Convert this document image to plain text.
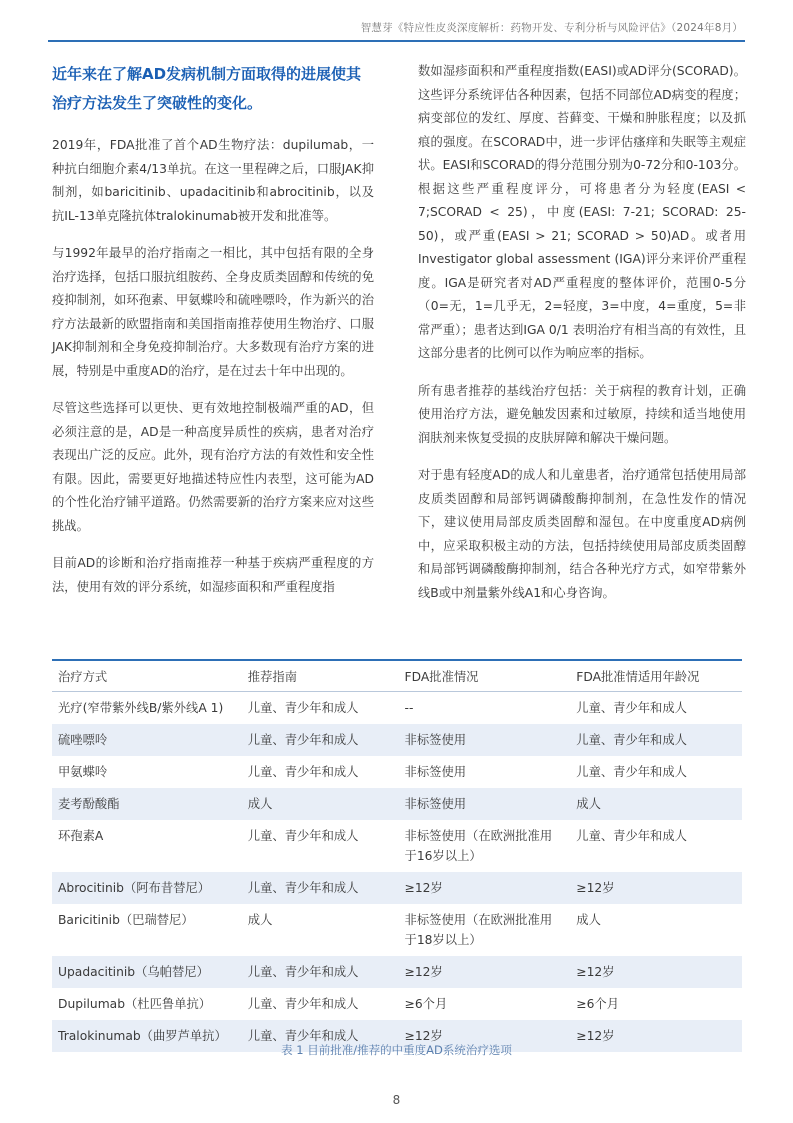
智慧芽《特应性皮炎深度解析：药物开发、专利分析与风险评估》（2024年8月）
近年来在了解AD发病机制方面取得的进展使其治疗方法发生了突破性的变化。

2019年，FDA批准了首个AD生物疗法：dupilumab，一种抗白细胞介素4/13单抗。在这一里程碑之后，口服JAK抑制剂，如baricitinib、upadacitinib和abrocitinib，以及抗IL-13单克隆抗体tralokinumab被开发和批准等。

与1992年最早的治疗指南之一相比，其中包括有限的全身治疗选择，包括口服抗组胺药、全身皮质类固醇和传统的免疫抑制剂，如环孢素、甲氨蝶呤和硫唑嘌呤，作为新兴的治疗方法最新的欧盟指南和美国指南推荐使用生物治疗、口服JAK抑制剂和全身免疫抑制治疗。大多数现有治疗方案的进展，特别是中重度AD的治疗，是在过去十年中出现的。

尽管这些选择可以更快、更有效地控制极端严重的AD，但必须注意的是，AD是一种高度异质性的疾病，患者对治疗表现出广泛的反应。此外，现有治疗方法的有效性和安全性有限。因此，需要更好地描述特应性内表型，这可能为AD的个性化治疗铺平道路。仍然需要新的治疗方案来应对这些挑战。

目前AD的诊断和治疗指南推荐一种基于疾病严重程度的方法，使用有效的评分系统，如湿疹面积和严重程度指

数如湿疹面积和严重程度指数(EASI)或AD评分(SCORAD)。这些评分系统评估各种因素，包括不同部位AD病变的程度；病变部位的发红、厚度、苔藓变、干燥和肿胀程度；以及抓痕的强度。在SCORAD中，进一步评估瘙痒和失眠等主观症状。EASI和SCORAD的得分范围分别为0-72分和0-103分。根据这些严重程度评分，可将患者分为轻度(EASI < 7;SCORAD < 25)，中度(EASI: 7-21; SCORAD: 25-50)，或严重(EASI > 21; SCORAD > 50)AD。或者用Investigator global assessment (IGA)评分来评价严重程度。IGA是研究者对AD严重程度的整体评价，范围0-5分（0=无，1=几乎无，2=轻度，3=中度，4=重度，5=非常严重）；患者达到IGA 0/1 表明治疗有相当高的有效性，且这部分患者的比例可以作为响应率的指标。

所有患者推荐的基线治疗包括：关于病程的教育计划，正确使用治疗方法，避免触发因素和过敏原，持续和适当地使用润肤剂来恢复受损的皮肤屏障和解决干燥问题。

对于患有轻度AD的成人和儿童患者，治疗通常包括使用局部皮质类固醇和局部钙调磷酸酶抑制剂，在急性发作的情况下，建议使用局部皮质类固醇和湿包。在中度重度AD病例中，应采取积极主动的方法，包括持续使用局部皮质类固醇和局部钙调磷酸酶抑制剂，结合各种光疗方式，如窄带紫外线B或中剂量紫外线A1和心身咨询。

治疗方式	推荐指南	FDA批准情况	FDA批准情适用年龄况
光疗(窄带紫外线B/紫外线A 1)	儿童、青少年和成人	--	儿童、青少年和成人
硫唑嘌呤	儿童、青少年和成人	非标签使用	儿童、青少年和成人
甲氨蝶呤	儿童、青少年和成人	非标签使用	儿童、青少年和成人
麦考酚酸酯	成人	非标签使用	成人
环孢素A	儿童、青少年和成人	非标签使用（在欧洲批准用于16岁以上）	儿童、青少年和成人
Abrocitinib（阿布昔替尼）	儿童、青少年和成人	≥12岁	≥12岁
Baricitinib（巴瑞替尼）	成人	非标签使用（在欧洲批准用于18岁以上）	成人
Upadacitinib（乌帕替尼）	儿童、青少年和成人	≥12岁	≥12岁
Dupilumab（杜匹鲁单抗）	儿童、青少年和成人	≥6个月	≥6个月
Tralokinumab（曲罗芦单抗）	儿童、青少年和成人	≥12岁	≥12岁
表 1 目前批准/推荐的中重度AD系统治疗选项
8
